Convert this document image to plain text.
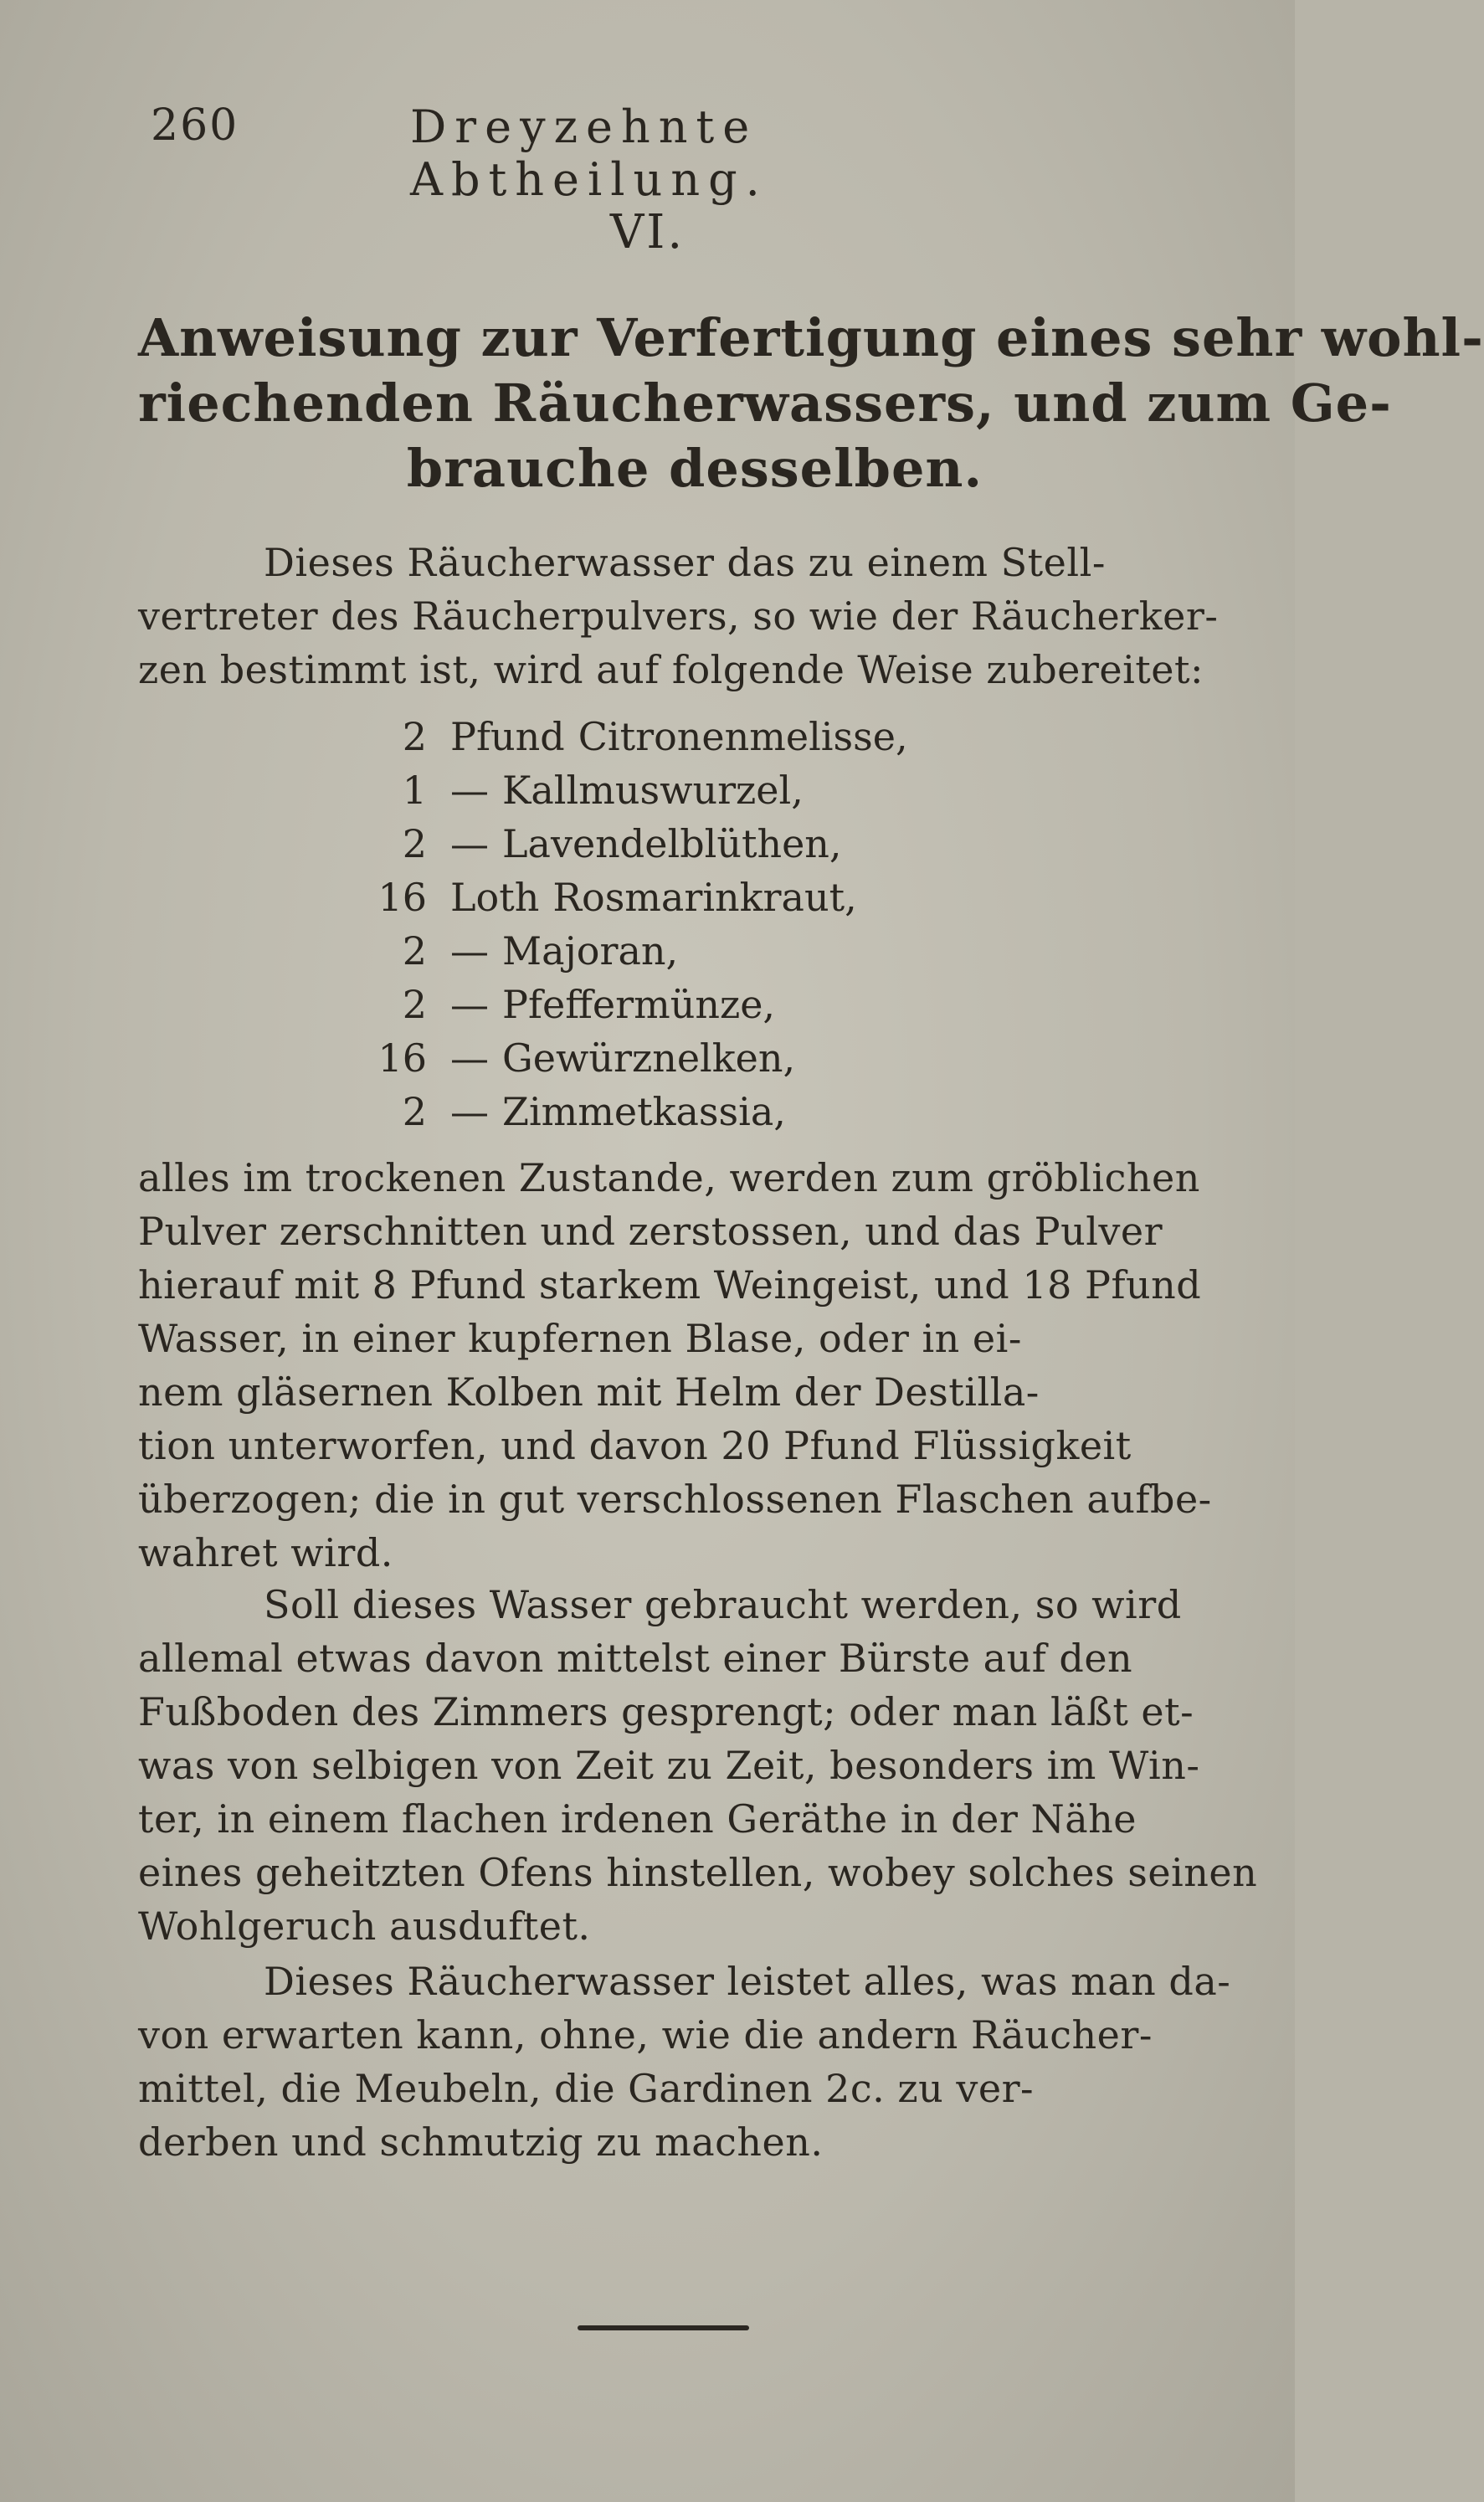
260	Dreyzehnte Abtheilung.
VI.
Anweisung zur Verfertigung eines sehr wohl-
riechenden Räucherwassers, und zum Ge-
brauche desselben.
Dieses Räucherwasser das zu einem Stell-
vertreter des Räucherpulvers, so wie der Räucherker-
zen bestimmt ist, wird auf folgende Weise zubereitet:
2 Pfund Citronenmelisse,
1 — Kallmuswurzel,
2 — Lavendelblüthen,
16 Loth Rosmarinkraut,
2 — Majoran,
2 — Pfeffermünze,
16 — Gewürznelken,
2 — Zimmetkassia,
alles im trockenen Zustande, werden zum gröblichen
Pulver zerschnitten und zerstossen, und das Pulver
hierauf mit 8 Pfund starkem Weingeist, und 18 Pfund
Wasser, in einer kupfernen Blase, oder in ei-
nem gläsernen Kolben mit Helm der Destilla-
tion unterworfen, und davon 20 Pfund Flüssigkeit
überzogen; die in gut verschlossenen Flaschen aufbe-
wahret wird.
Soll dieses Wasser gebraucht werden, so wird
allemal etwas davon mittelst einer Bürste auf den
Fußboden des Zimmers gesprengt; oder man läßt et-
was von selbigen von Zeit zu Zeit, besonders im Win-
ter, in einem flachen irdenen Geräthe in der Nähe
eines geheitzten Ofens hinstellen, wobey solches seinen
Wohlgeruch ausduftet.
Dieses Räucherwasser leistet alles, was man da-
von erwarten kann, ohne, wie die andern Räucher-
mittel, die Meubeln, die Gardinen 2c. zu ver-
derben und schmutzig zu machen.
